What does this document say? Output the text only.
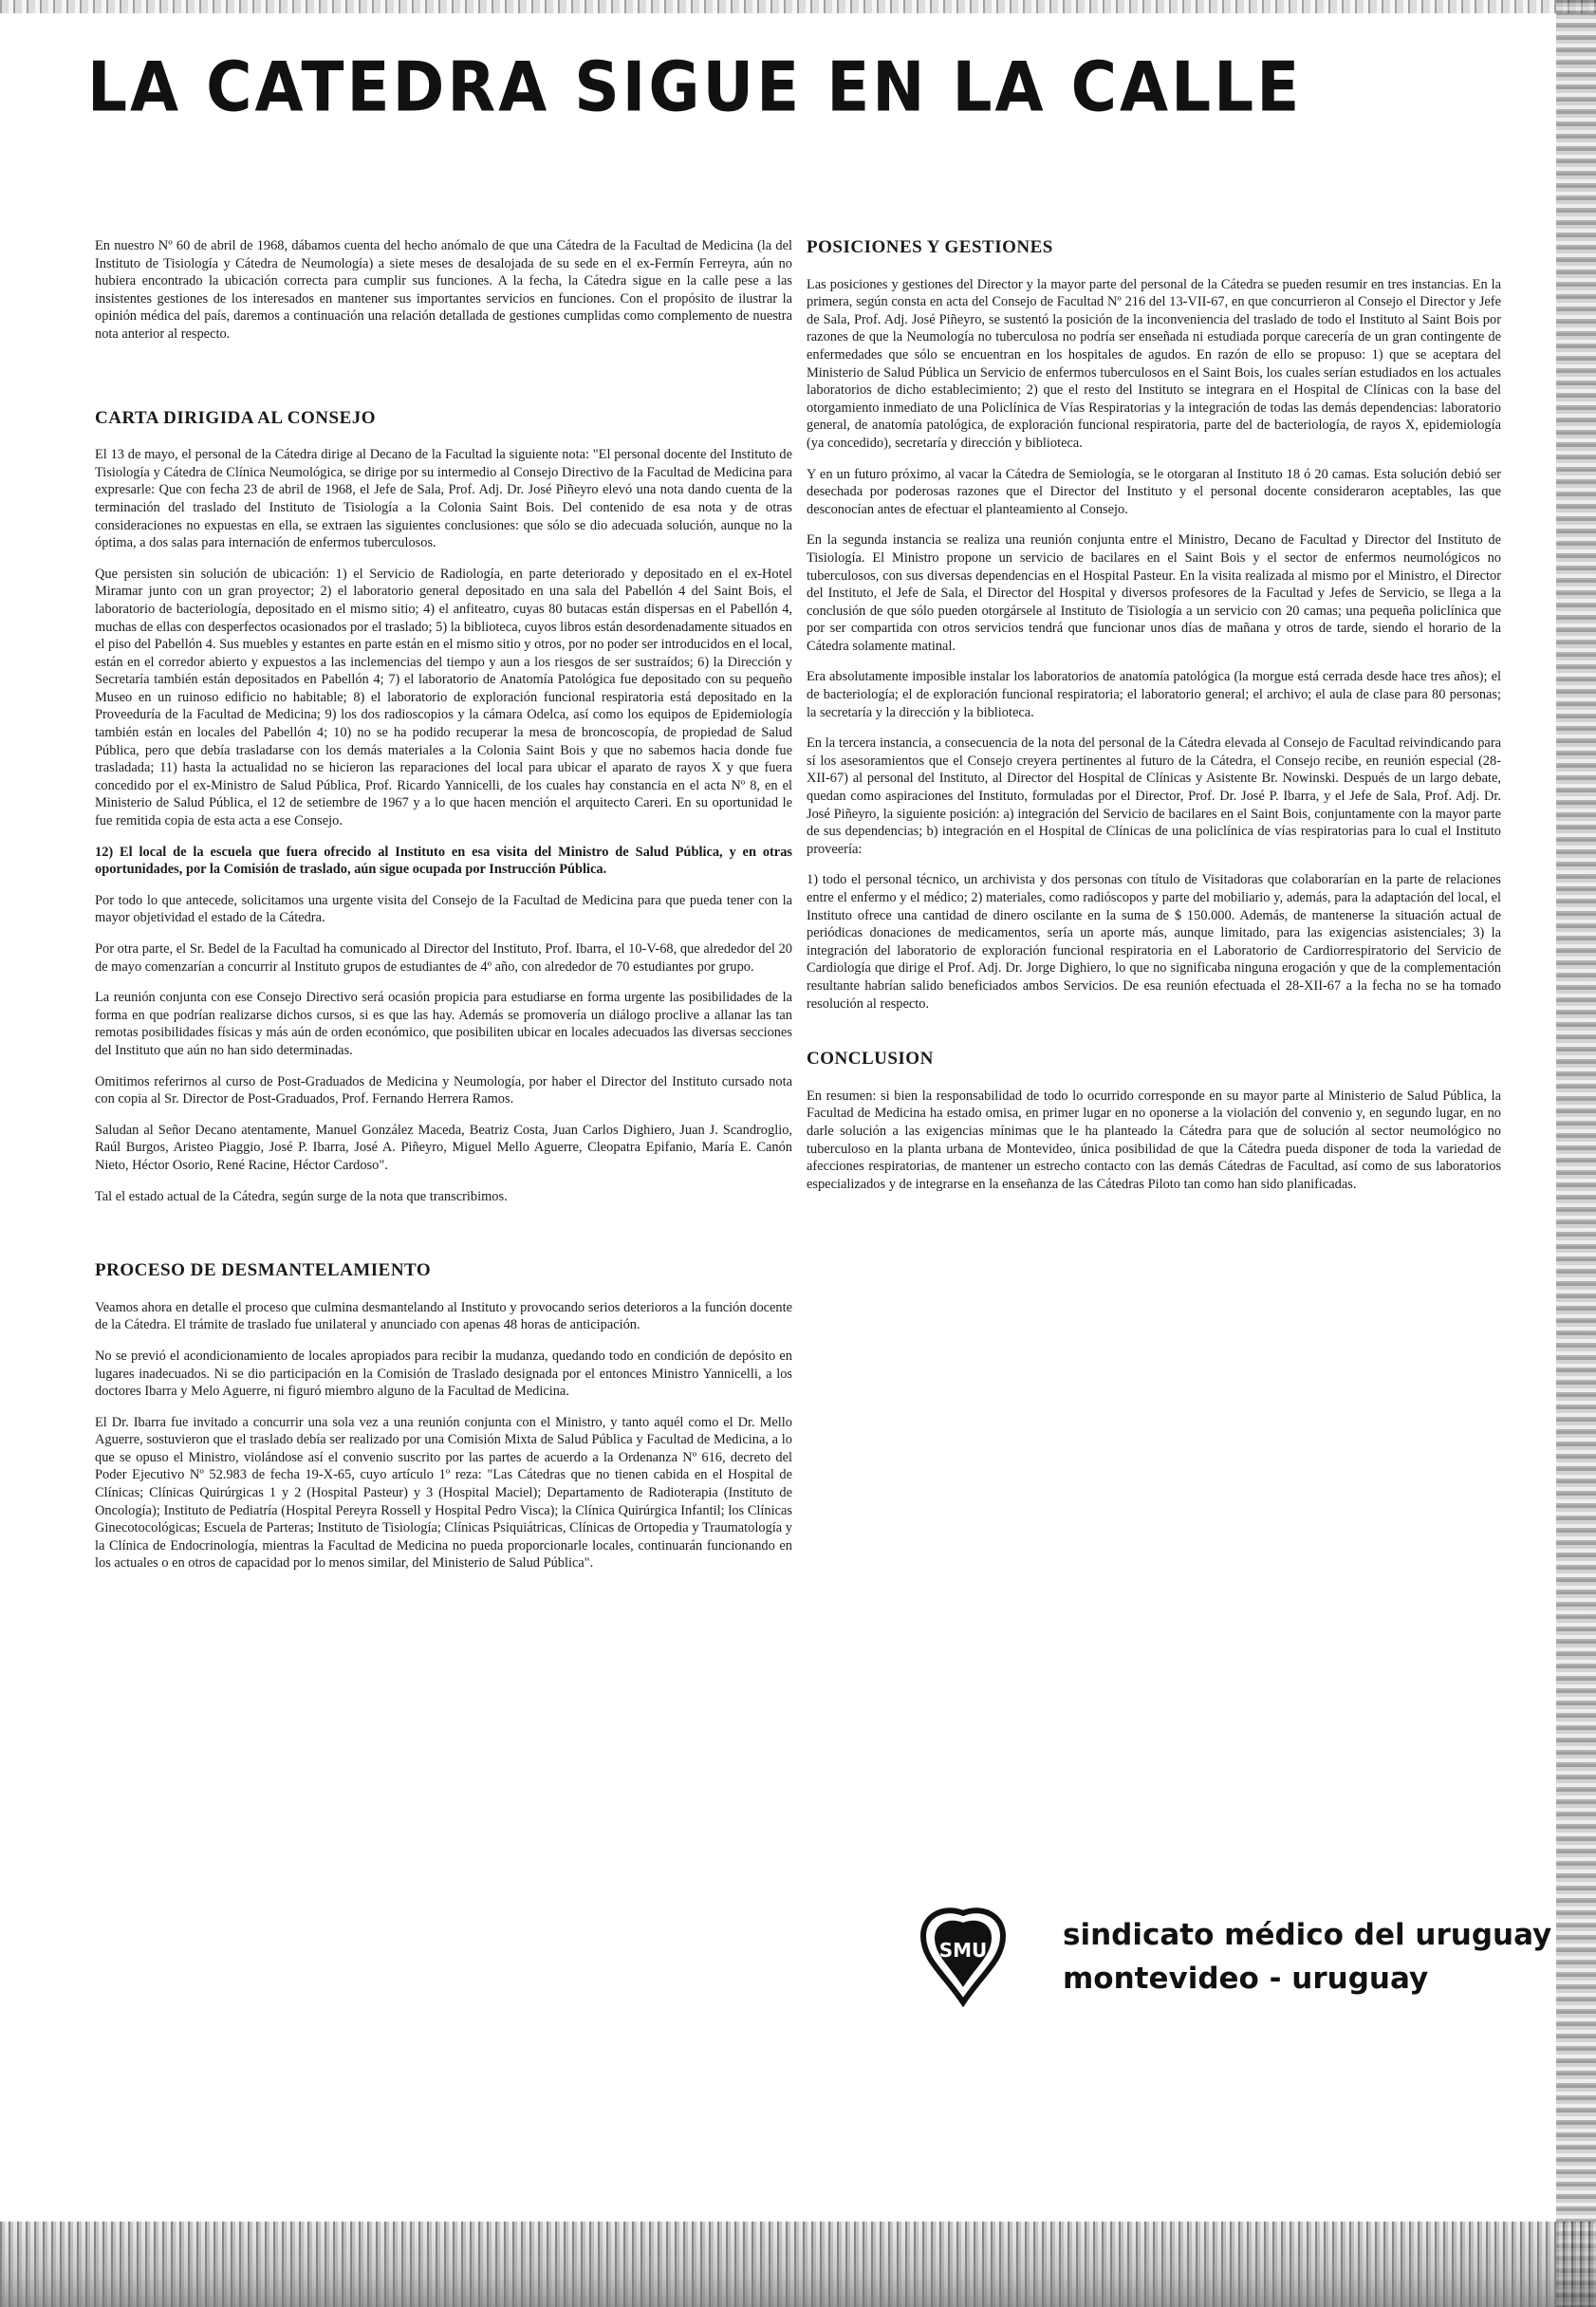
LA CATEDRA SIGUE EN LA CALLE

En nuestro Nº 60 de abril de 1968, dábamos cuenta del hecho anómalo de que una Cátedra de la Facultad de Medicina (la del Instituto de Tisiología y Cátedra de Neumología) a siete meses de desalojada de su sede en el ex-Fermín Ferreyra, aún no hubiera encontrado la ubicación correcta para cumplir sus funciones. A la fecha, la Cátedra sigue en la calle pese a las insistentes gestiones de los interesados en mantener sus importantes servicios en funciones. Con el propósito de ilustrar la opinión médica del país, daremos a continuación una relación detallada de gestiones cumplidas como complemento de nuestra nota anterior al respecto.

CARTA DIRIGIDA AL CONSEJO

El 13 de mayo, el personal de la Cátedra dirige al Decano de la Facultad la siguiente nota: "El personal docente del Instituto de Tisiología y Cátedra de Clínica Neumológica, se dirige por su intermedio al Consejo Directivo de la Facultad de Medicina para expresarle: Que con fecha 23 de abril de 1968, el Jefe de Sala, Prof. Adj. Dr. José Piñeyro elevó una nota dando cuenta de la terminación del traslado del Instituto de Tisiología a la Colonia Saint Bois. Del contenido de esa nota y de otras consideraciones no expuestas en ella, se extraen las siguientes conclusiones: que sólo se dio adecuada solución, aunque no la óptima, a dos salas para internación de enfermos tuberculosos.

Que persisten sin solución de ubicación: 1) el Servicio de Radiología, en parte deteriorado y depositado en el ex-Hotel Miramar junto con un gran proyector; 2) el laboratorio general depositado en una sala del Pabellón 4 del Saint Bois, el laboratorio de bacteriología, depositado en el mismo sitio; 4) el anfiteatro, cuyas 80 butacas están dispersas en el Pabellón 4, muchas de ellas con desperfectos ocasionados por el traslado; 5) la biblioteca, cuyos libros están desordenadamente situados en el piso del Pabellón 4. Sus muebles y estantes en parte están en el mismo sitio y otros, por no poder ser introducidos en el local, están en el corredor abierto y expuestos a las inclemencias del tiempo y aun a los riesgos de ser sustraídos; 6) la Dirección y Secretaría también están depositados en Pabellón 4; 7) el laboratorio de Anatomía Patológica fue depositado con su pequeño Museo en un ruinoso edificio no habitable; 8) el laboratorio de exploración funcional respiratoria está depositado en la Proveeduría de la Facultad de Medicina; 9) los dos radioscopios y la cámara Odelca, así como los equipos de Epidemiología también están en locales del Pabellón 4; 10) no se ha podido recuperar la mesa de broncoscopía, de propiedad de Salud Pública, pero que debía trasladarse con los demás materiales a la Colonia Saint Bois y que no sabemos hacia donde fue trasladada; 11) hasta la actualidad no se hicieron las reparaciones del local para ubicar el aparato de rayos X y que fuera concedido por el ex-Ministro de Salud Pública, Prof. Ricardo Yannicelli, de los cuales hay constancia en el acta Nº 8, en el Ministerio de Salud Pública, el 12 de setiembre de 1967 y a lo que hacen mención el arquitecto Careri. En su oportunidad le fue remitida copia de esta acta a ese Consejo.

12) El local de la escuela que fuera ofrecido al Instituto en esa visita del Ministro de Salud Pública, y en otras oportunidades, por la Comisión de traslado, aún sigue ocupada por Instrucción Pública.

Por todo lo que antecede, solicitamos una urgente visita del Consejo de la Facultad de Medicina para que pueda tener con la mayor objetividad el estado de la Cátedra.

Por otra parte, el Sr. Bedel de la Facultad ha comunicado al Director del Instituto, Prof. Ibarra, el 10-V-68, que alrededor del 20 de mayo comenzarían a concurrir al Instituto grupos de estudiantes de 4º año, con alrededor de 70 estudiantes por grupo.

La reunión conjunta con ese Consejo Directivo será ocasión propicia para estudiarse en forma urgente las posibilidades de la forma en que podrían realizarse dichos cursos, si es que las hay. Además se promovería un diálogo proclive a allanar las tan remotas posibilidades físicas y más aún de orden económico, que posibiliten ubicar en locales adecuados las diversas secciones del Instituto que aún no han sido determinadas.

Omitimos referirnos al curso de Post-Graduados de Medicina y Neumología, por haber el Director del Instituto cursado nota con copia al Sr. Director de Post-Graduados, Prof. Fernando Herrera Ramos.

Saludan al Señor Decano atentamente, Manuel González Maceda, Beatriz Costa, Juan Carlos Dighiero, Juan J. Scandroglio, Raúl Burgos, Aristeo Piaggio, José P. Ibarra, José A. Piñeyro, Miguel Mello Aguerre, Cleopatra Epifanio, María E. Canón Nieto, Héctor Osorio, René Racine, Héctor Cardoso".

Tal el estado actual de la Cátedra, según surge de la nota que transcribimos.

PROCESO DE DESMANTELAMIENTO

Veamos ahora en detalle el proceso que culmina desmantelando al Instituto y provocando serios deterioros a la función docente de la Cátedra. El trámite de traslado fue unilateral y anunciado con apenas 48 horas de anticipación.

No se previó el acondicionamiento de locales apropiados para recibir la mudanza, quedando todo en condición de depósito en lugares inadecuados. Ni se dio participación en la Comisión de Traslado designada por el entonces Ministro Yannicelli, a los doctores Ibarra y Melo Aguerre, ni figuró miembro alguno de la Facultad de Medicina.

El Dr. Ibarra fue invitado a concurrir una sola vez a una reunión conjunta con el Ministro, y tanto aquél como el Dr. Mello Aguerre, sostuvieron que el traslado debía ser realizado por una Comisión Mixta de Salud Pública y Facultad de Medicina, a lo que se opuso el Ministro, violándose así el convenio suscrito por las partes de acuerdo a la Ordenanza Nº 616, decreto del Poder Ejecutivo Nº 52.983 de fecha 19-X-65, cuyo artículo 1º reza: "Las Cátedras que no tienen cabida en el Hospital de Clínicas; Clínicas Quirúrgicas 1 y 2 (Hospital Pasteur) y 3 (Hospital Maciel); Departamento de Radioterapia (Instituto de Oncología); Instituto de Pediatría (Hospital Pereyra Rossell y Hospital Pedro Visca); la Clínica Quirúrgica Infantil; los Clínicas Ginecotocológicas; Escuela de Parteras; Instituto de Tisiología; Clínicas Psiquiátricas, Clínicas de Ortopedia y Traumatología y la Clínica de Endocrinología, mientras la Facultad de Medicina no pueda proporcionarle locales, continuarán funcionando en los actuales o en otros de capacidad por lo menos similar, del Ministerio de Salud Pública".

POSICIONES Y GESTIONES

Las posiciones y gestiones del Director y la mayor parte del personal de la Cátedra se pueden resumir en tres instancias. En la primera, según consta en acta del Consejo de Facultad Nº 216 del 13-VII-67, en que concurrieron al Consejo el Director y Jefe de Sala, Prof. Adj. José Piñeyro, se sustentó la posición de la inconveniencia del traslado de todo el Instituto al Saint Bois por razones de que la Neumología no tuberculosa no podría ser enseñada ni estudiada porque carecería de un gran contingente de enfermedades que sólo se encuentran en los hospitales de agudos. En razón de ello se propuso: 1) que se aceptara del Ministerio de Salud Pública un Servicio de enfermos tuberculosos en el Saint Bois, los cuales serían estudiados en los actuales laboratorios de dicho establecimiento; 2) que el resto del Instituto se integrara en el Hospital de Clínicas con la base del otorgamiento inmediato de una Policlínica de Vías Respiratorias y la integración de todas las demás dependencias: laboratorio general, de anatomía patológica, de exploración funcional respiratoria, parte del de bacteriología, de rayos X, epidemiología (ya concedido), secretaría y dirección y biblioteca.

Y en un futuro próximo, al vacar la Cátedra de Semiología, se le otorgaran al Instituto 18 ó 20 camas. Esta solución debió ser desechada por poderosas razones que el Director del Instituto y el personal docente consideraron aceptables, las que desconocían antes de efectuar el planteamiento al Consejo.

En la segunda instancia se realiza una reunión conjunta entre el Ministro, Decano de Facultad y Director del Instituto de Tisiología. El Ministro propone un servicio de bacilares en el Saint Bois y el sector de enfermos neumológicos no tuberculosos, con sus diversas dependencias en el Hospital Pasteur. En la visita realizada al mismo por el Ministro, el Director del Instituto, el Jefe de Sala, el Director del Hospital y diversos profesores de la Facultad y Jefes de Servicio, se llega a la conclusión de que sólo pueden otorgársele al Instituto de Tisiología a un servicio con 20 camas; una pequeña policlínica que por ser compartida con otros servicios tendrá que funcionar unos días de mañana y otros de tarde, siendo el horario de la Cátedra solamente matinal.

Era absolutamente imposible instalar los laboratorios de anatomía patológica (la morgue está cerrada desde hace tres años); el de bacteriología; el de exploración funcional respiratoria; el laboratorio general; el archivo; el aula de clase para 80 personas; la secretaría y la dirección y la biblioteca.

En la tercera instancia, a consecuencia de la nota del personal de la Cátedra elevada al Consejo de Facultad reivindicando para sí los asesoramientos que el Consejo creyera pertinentes al futuro de la Cátedra, el Consejo recibe, en reunión especial (28-XII-67) al personal del Instituto, al Director del Hospital de Clínicas y Asistente Br. Nowinski. Después de un largo debate, quedan como aspiraciones del Instituto, formuladas por el Director, Prof. Dr. José P. Ibarra, y el Jefe de Sala, Prof. Adj. Dr. José Piñeyro, la siguiente posición: a) integración del Servicio de bacilares en el Saint Bois, conjuntamente con la mayor parte de sus dependencias; b) integración en el Hospital de Clínicas de una policlínica de vías respiratorias para lo cual el Instituto proveería:

1) todo el personal técnico, un archivista y dos personas con título de Visitadoras que colaborarían en la parte de relaciones entre el enfermo y el médico; 2) materiales, como radióscopos y parte del mobiliario y, además, para la adaptación del local, el Instituto ofrece una cantidad de dinero oscilante en la suma de $ 150.000. Además, de mantenerse la situación actual de periódicas donaciones de medicamentos, sería un aporte más, aunque limitado, para las exigencias asistenciales; 3) la integración del laboratorio de exploración funcional respiratoria en el Laboratorio de Cardiorrespiratorio del Servicio de Cardiología que dirige el Prof. Adj. Dr. Jorge Dighiero, lo que no significaba ninguna erogación y que de la complementación resultante habrían salido beneficiados ambos Servicios. De esa reunión efectuada el 28-XII-67 a la fecha no se ha tomado resolución al respecto.

CONCLUSION

En resumen: si bien la responsabilidad de todo lo ocurrido corresponde en su mayor parte al Ministerio de Salud Pública, la Facultad de Medicina ha estado omisa, en primer lugar en no oponerse a la violación del convenio y, en segundo lugar, en no darle solución a las exigencias mínimas que le ha planteado la Cátedra para que de solución al sector neumológico no tuberculoso en la planta urbana de Montevideo, única posibilidad de que la Cátedra pueda disponer de toda la variedad de afecciones respiratorias, de mantener un estrecho contacto con las demás Cátedras de Facultad, así como de sus laboratorios especializados y de integrarse en la enseñanza de las Cátedras Piloto tan como han sido planificadas.

SMU	sindicato médico del uruguay
montevideo - uruguay
